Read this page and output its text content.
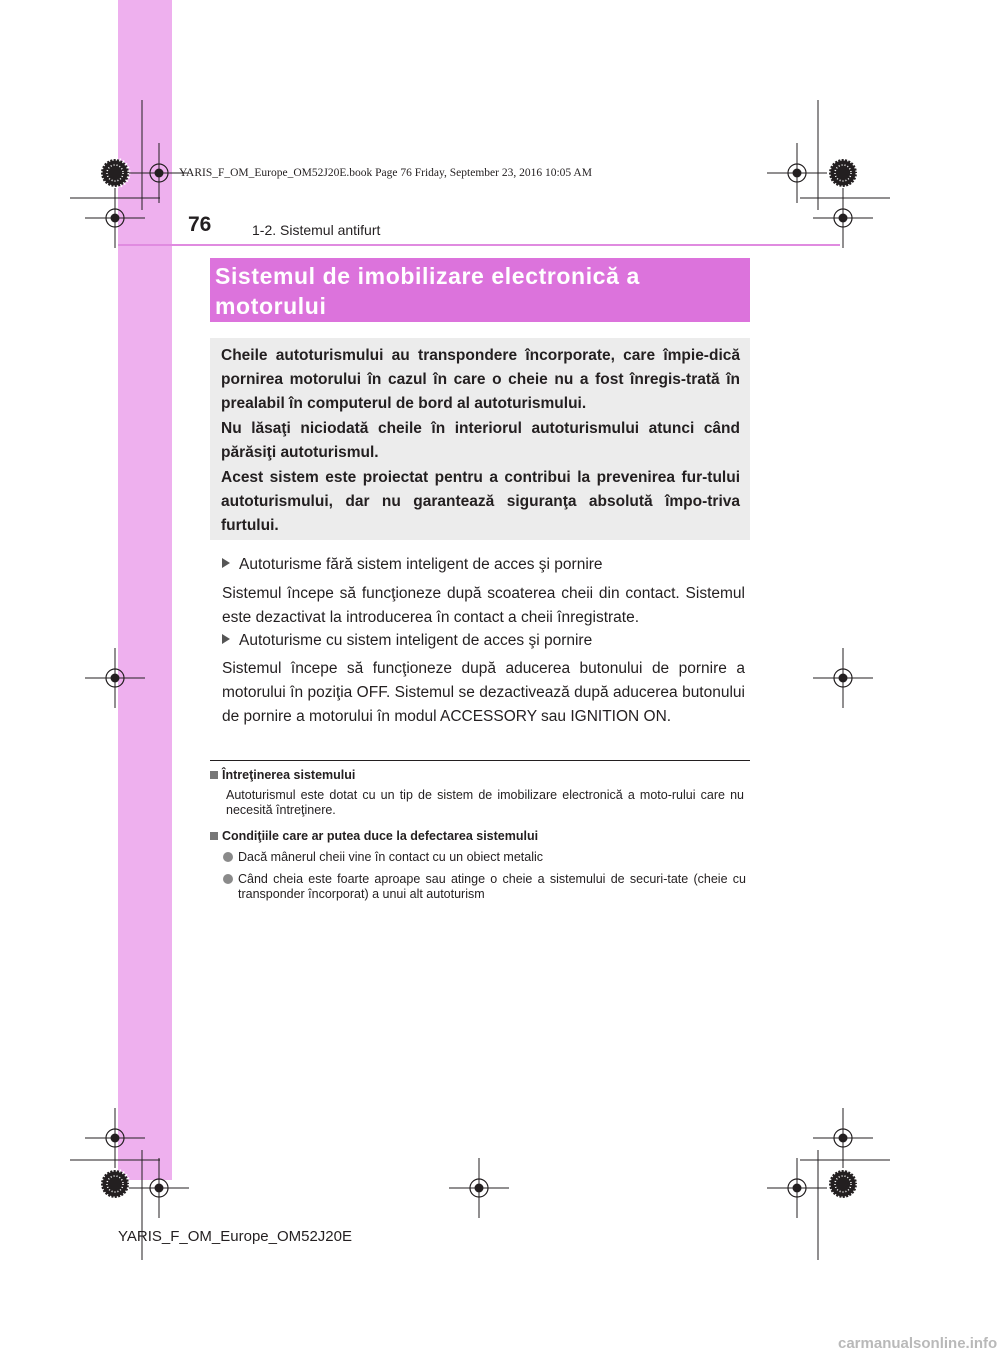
YARIS_F_OM_Europe_OM52J20E.book Page 76 Friday, September 23, 2016 10:05 AM
76	1-2. Sistemul antifurt
Sistemul de imobilizare electronică a motorului

Cheile autoturismului au transpondere încorporate, care împie-dică pornirea motorului în cazul în care o cheie nu a fost înregis-trată în prealabil în computerul de bord al autoturismului.

Nu lăsaţi niciodată cheile în interiorul autoturismului atunci când părăsiţi autoturismul.

Acest sistem este proiectat pentru a contribui la prevenirea fur-tului autoturismului, dar nu garantează siguranţa absolută împo-triva furtului.

Autoturisme fără sistem inteligent de acces şi pornire

Sistemul începe să funcţioneze după scoaterea cheii din contact. Sistemul este dezactivat la introducerea în contact a cheii înregistrate.

Autoturisme cu sistem inteligent de acces şi pornire

Sistemul începe să funcţioneze după aducerea butonului de pornire a motorului în poziţia OFF. Sistemul se dezactivează după aducerea butonului de pornire a motorului în modul ACCESSORY sau IGNITION ON.

Întreţinerea sistemului

Autoturismul este dotat cu un tip de sistem de imobilizare electronică a moto-rului care nu necesită întreţinere.

Condiţiile care ar putea duce la defectarea sistemului

Dacă mânerul cheii vine în contact cu un obiect metalic

Când cheia este foarte aproape sau atinge o cheie a sistemului de securi-tate (cheie cu transponder încorporat) a unui alt autoturism

YARIS_F_OM_Europe_OM52J20E
carmanualsonline.info
